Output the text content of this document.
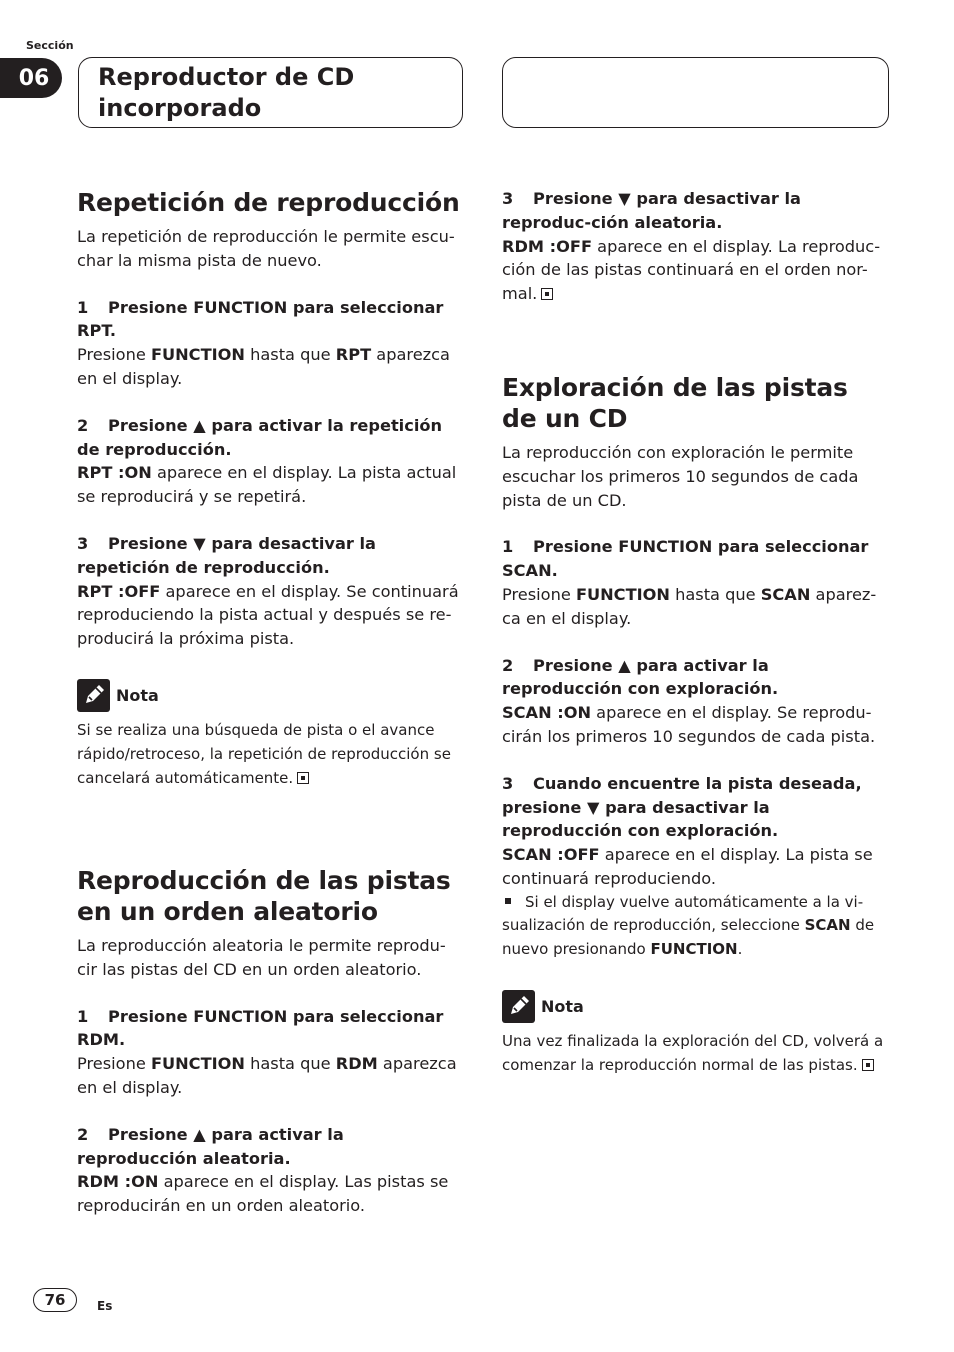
Sección
06	Reproductor de CD
incorporado
Repetición de reproducción

La repetición de reproducción le permite escu-char la misma pista de nuevo.

1 Presione FUNCTION para seleccionar RPT.

Presione FUNCTION hasta que RPT aparezca en el display.

2 Presione ▲ para activar la repetición de reproducción.

RPT :ON aparece en el display. La pista actual se reproducirá y se repetirá.

3 Presione ▼ para desactivar la repetición de reproducción.

RPT :OFF aparece en el display. Se continuará reproduciendo la pista actual y después se re-producirá la próxima pista.

Nota

Si se realiza una búsqueda de pista o el avance rápido/retroceso, la repetición de reproducción se cancelará automáticamente.

Reproducción de las pistas en un orden aleatorio

La reproducción aleatoria le permite reprodu-cir las pistas del CD en un orden aleatorio.

1 Presione FUNCTION para seleccionar RDM.

Presione FUNCTION hasta que RDM aparezca en el display.

2 Presione ▲ para activar la reproducción aleatoria.

RDM :ON aparece en el display. Las pistas se reproducirán en un orden aleatorio.

3 Presione ▼ para desactivar la reproduc-ción aleatoria.

RDM :OFF aparece en el display. La reproduc-ción de las pistas continuará en el orden nor-mal.

Exploración de las pistas de un CD

La reproducción con exploración le permite escuchar los primeros 10 segundos de cada pista de un CD.

1 Presione FUNCTION para seleccionar SCAN.

Presione FUNCTION hasta que SCAN aparez-ca en el display.

2 Presione ▲ para activar la reproducción con exploración.

SCAN :ON aparece en el display. Se reprodu-cirán los primeros 10 segundos de cada pista.

3 Cuando encuentre la pista deseada, presione ▼ para desactivar la reproducción con exploración.

SCAN :OFF aparece en el display. La pista se continuará reproduciendo.

Si el display vuelve automáticamente a la vi-sualización de reproducción, seleccione SCAN de nuevo presionando FUNCTION.

Nota

Una vez finalizada la exploración del CD, volverá a comenzar la reproducción normal de las pistas.

76	Es
